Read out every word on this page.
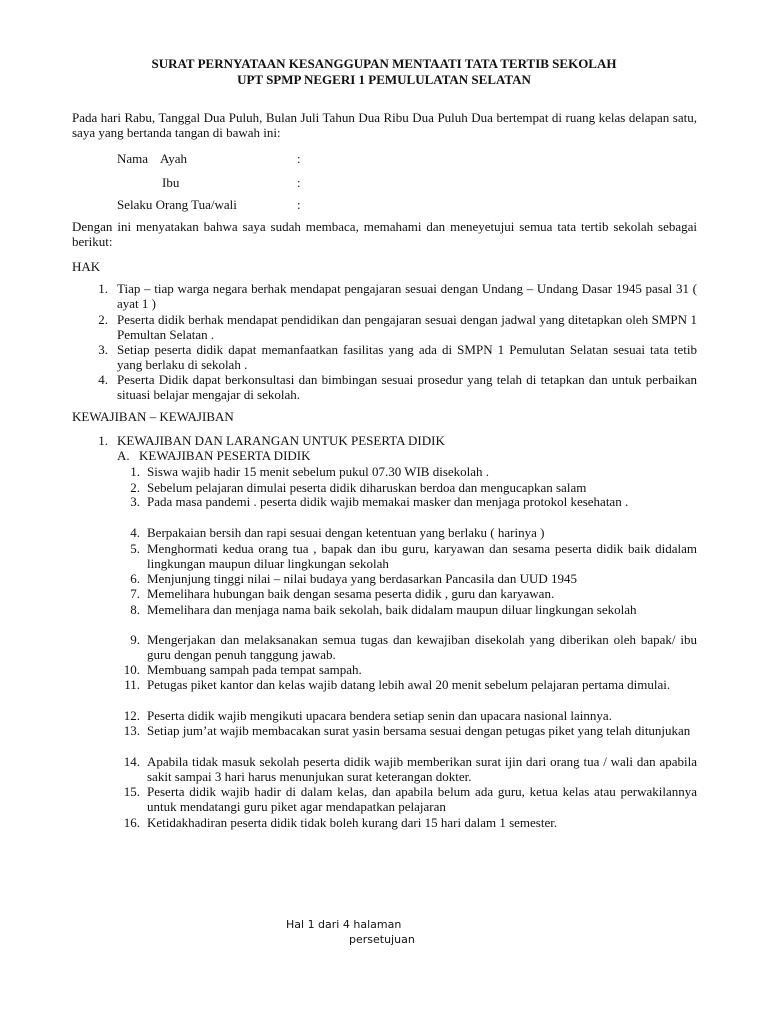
SURAT PERNYATAAN KESANGGUPAN MENTAATI TATA TERTIB SEKOLAH
UPT SPMP NEGERI 1 PEMULULATAN SELATAN
Pada hari Rabu, Tanggal Dua Puluh, Bulan Juli Tahun Dua Ribu Dua Puluh Dua bertempat di ruang kelas delapan satu, saya yang bertanda tangan di bawah ini:
Nama Ayah	:
Ibu	:
Selaku Orang Tua/wali	:
Dengan ini menyatakan bahwa saya sudah membaca, memahami dan meneyetujui semua tata tertib sekolah sebagai berikut:
HAK
1. Tiap – tiap warga negara berhak mendapat pengajaran sesuai dengan Undang – Undang Dasar 1945 pasal 31 ( ayat 1 )
2. Peserta didik berhak mendapat pendidikan dan pengajaran sesuai dengan jadwal yang ditetapkan oleh SMPN 1 Pemultan Selatan .
3. Setiap peserta didik dapat memanfaatkan fasilitas yang ada di SMPN 1 Pemulutan Selatan sesuai tata tetib yang berlaku di sekolah .
4. Peserta Didik dapat berkonsultasi dan bimbingan sesuai prosedur yang telah di tetapkan dan untuk perbaikan situasi belajar mengajar di sekolah.
KEWAJIBAN – KEWAJIBAN
1. KEWAJIBAN DAN LARANGAN UNTUK PESERTA DIDIK
A. KEWAJIBAN PESERTA DIDIK
1. Siswa wajib hadir 15 menit sebelum pukul 07.30 WIB disekolah .
2. Sebelum pelajaran dimulai peserta didik diharuskan berdoa dan mengucapkan salam
3. Pada masa pandemi . peserta didik wajib memakai masker dan menjaga protokol kesehatan .
4. Berpakaian bersih dan rapi sesuai dengan ketentuan yang berlaku ( harinya )
5. Menghormati kedua orang tua , bapak dan ibu guru, karyawan dan sesama peserta didik baik didalam lingkungan maupun diluar lingkungan sekolah
6. Menjunjung tinggi nilai – nilai budaya yang berdasarkan Pancasila dan UUD 1945
7. Memelihara hubungan baik dengan sesama peserta didik , guru dan karyawan.
8. Memelihara dan menjaga nama baik sekolah, baik didalam maupun diluar lingkungan sekolah
9. Mengerjakan dan melaksanakan semua tugas dan kewajiban disekolah yang diberikan oleh bapak/ ibu guru dengan penuh tanggung jawab.
10. Membuang sampah pada tempat sampah.
11. Petugas piket kantor dan kelas wajib datang lebih awal 20 menit sebelum pelajaran pertama dimulai.
12. Peserta didik wajib mengikuti upacara bendera setiap senin dan upacara nasional lainnya.
13. Setiap jum’at wajib membacakan surat yasin bersama sesuai dengan petugas piket yang telah ditunjukan
14. Apabila tidak masuk sekolah peserta didik wajib memberikan surat ijin dari orang tua / wali dan apabila sakit sampai 3 hari harus menunjukan surat keterangan dokter.
15. Peserta didik wajib hadir di dalam kelas, dan apabila belum ada guru, ketua kelas atau perwakilannya untuk mendatangi guru piket agar mendapatkan pelajaran
16. Ketidakhadiran peserta didik tidak boleh kurang dari 15 hari dalam 1 semester.
Hal 1 dari 4 halaman
persetujuan
